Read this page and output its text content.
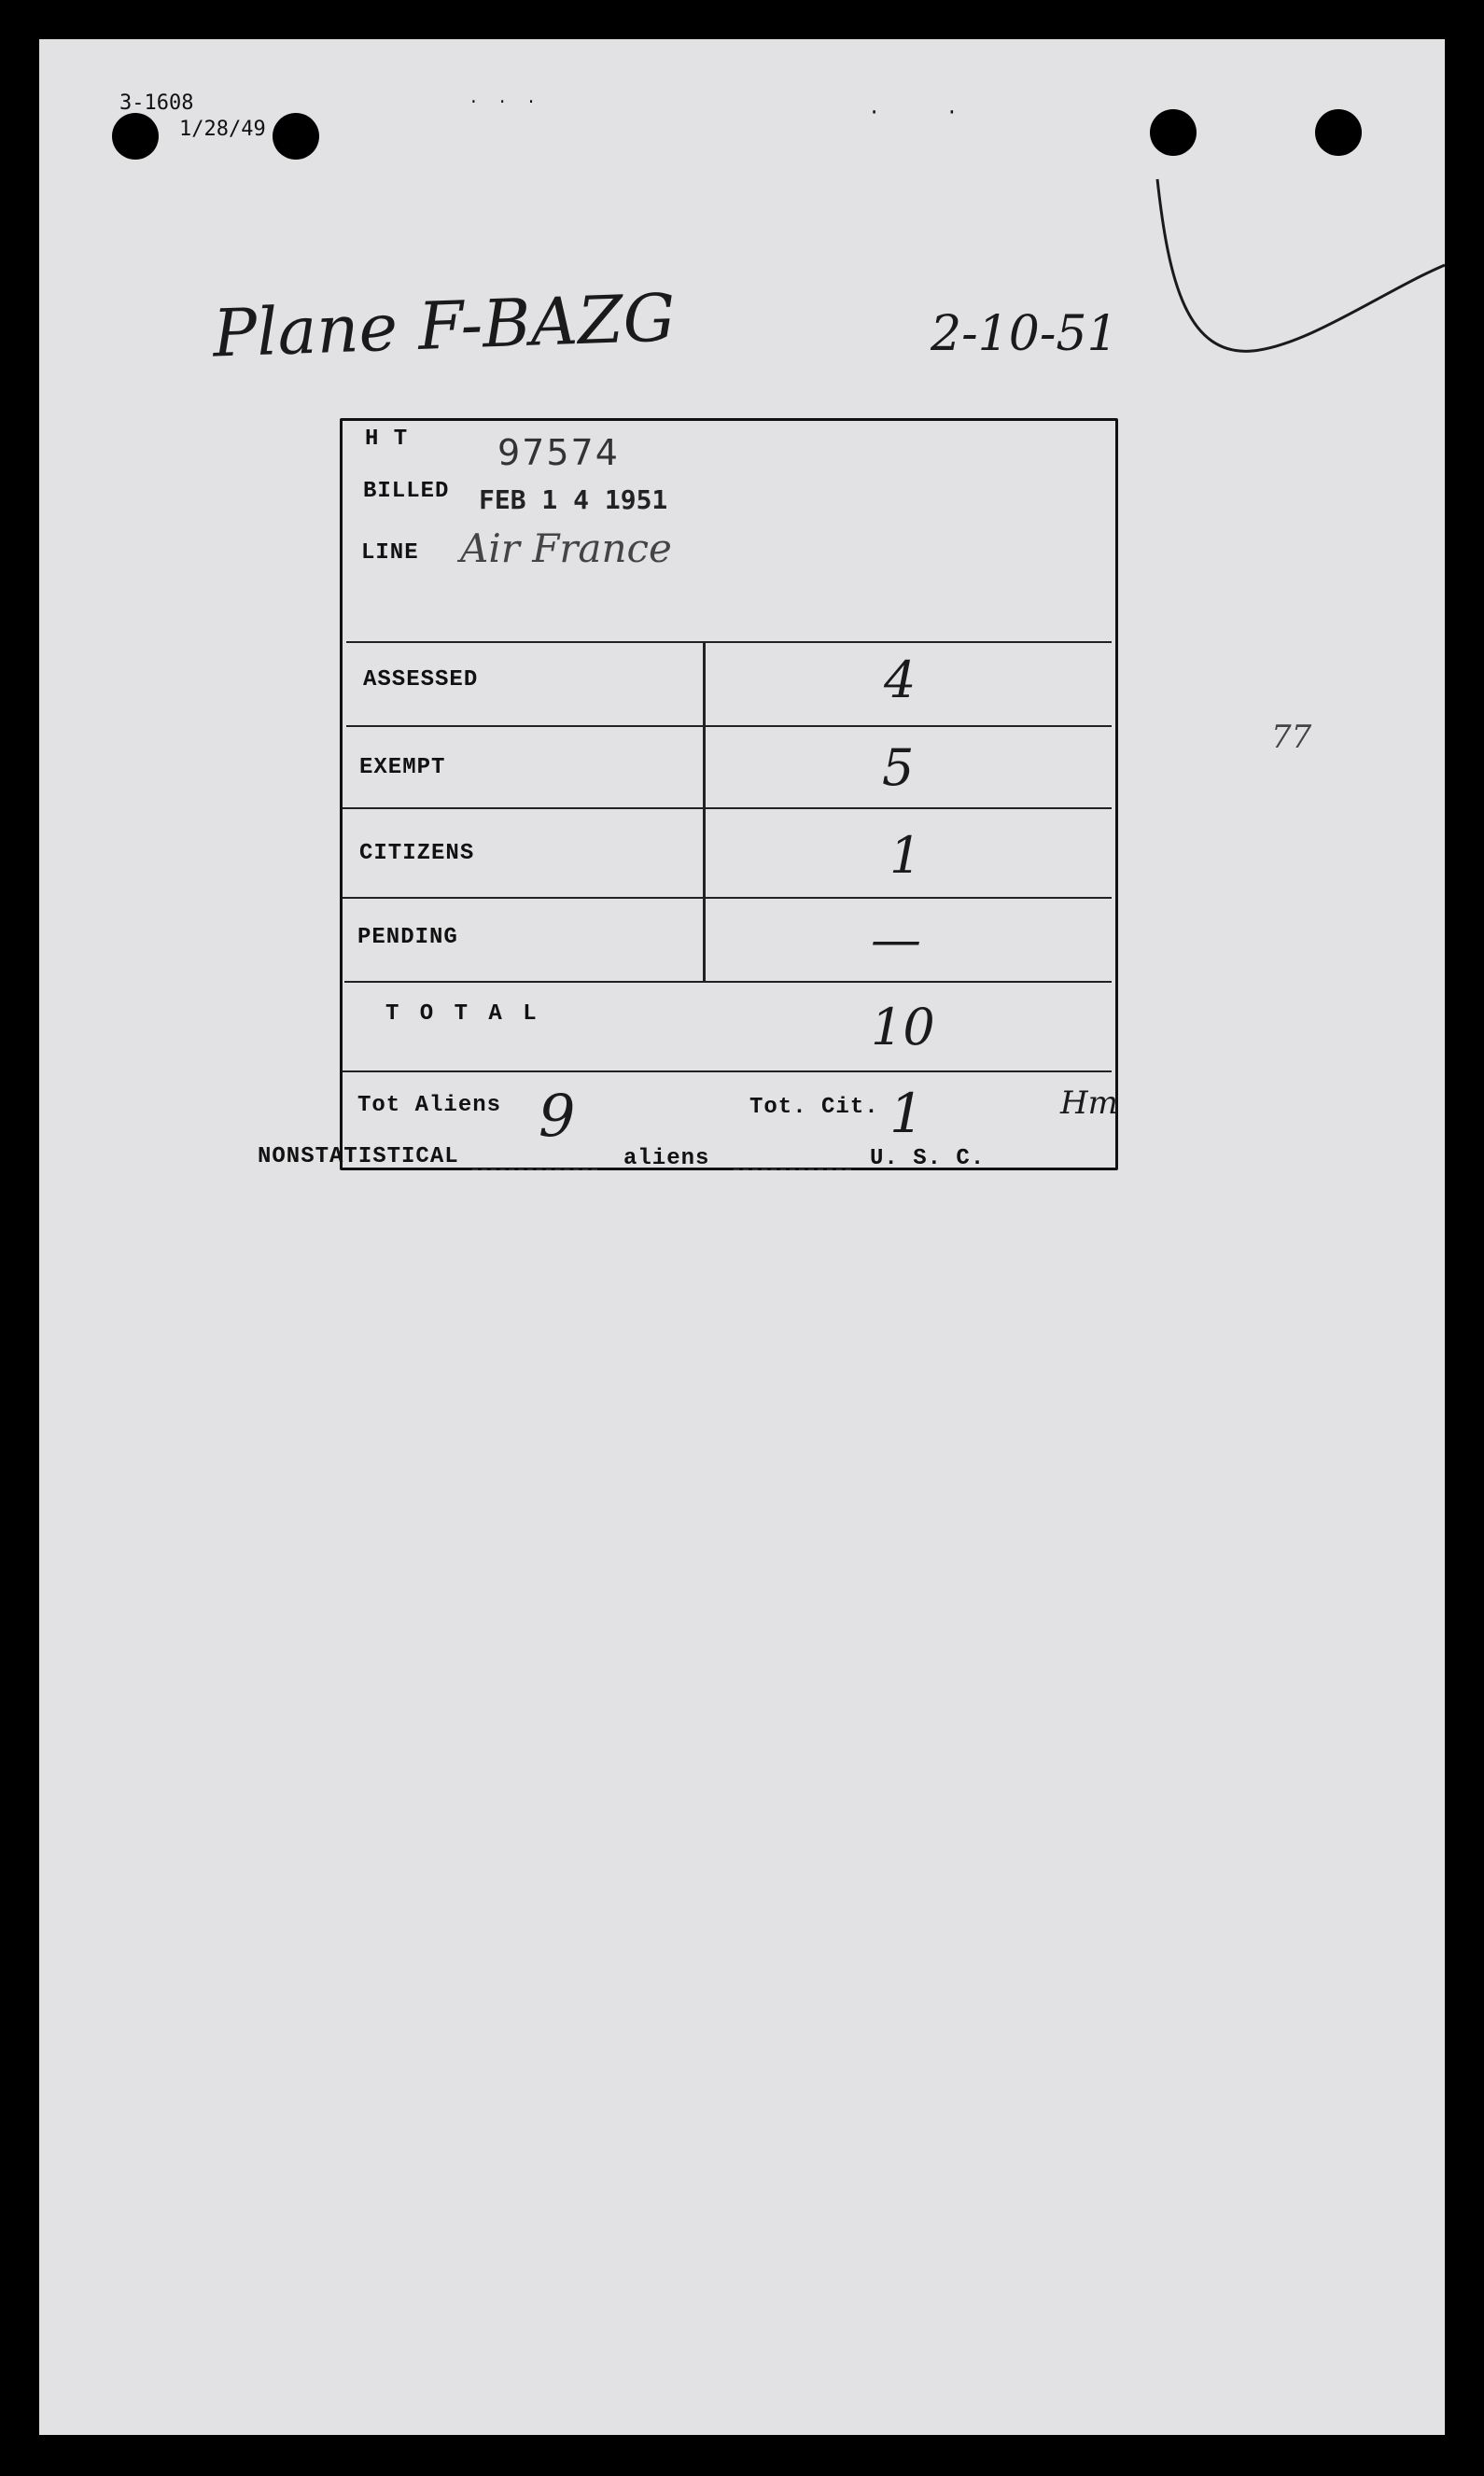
3-1608
1/28/49
···	··
Plane F-BAZG	2-10-51
H T	97574
BILLED FEB 1 4 1951
LINE Air France
ASSESSED	4
EXEMPT	5
CITIZENS	1
PENDING	—
T O T A L	10
Tot Aliens 9	Tot. Cit. 1
77
Hm
NONSTATISTICAL	aliens	U. S. C.
